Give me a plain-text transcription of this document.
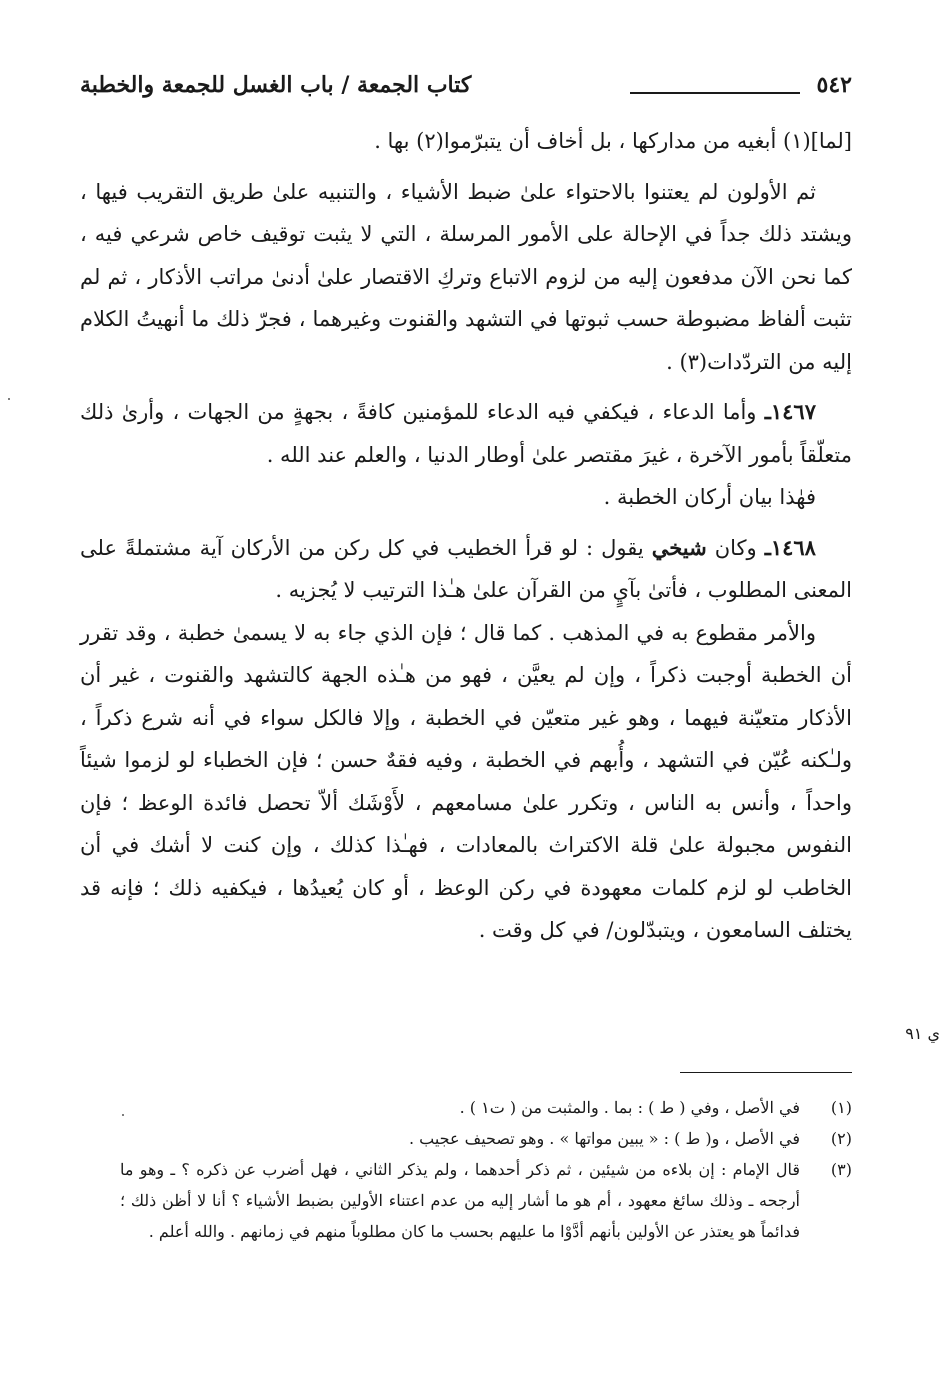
٥٤٢
كتاب الجمعة / باب الغسل للجمعة والخطبة

[لما](١) أبغيه من مداركها ، بل أخاف أن يتبرّموا(٢) بها .

ثم الأولون لم يعتنوا بالاحتواء علىٰ ضبط الأشياء ، والتنبيه علىٰ طريق التقريب فيها ، ويشتد ذلك جداً في الإحالة على الأمور المرسلة ، التي لا يثبت توقيف خاص شرعي فيه ، كما نحن الآن مدفعون إليه من لزوم الاتباع وتركِ الاقتصار علىٰ أدنىٰ مراتب الأذكار ، ثم لم تثبت ألفاظ مضبوطة حسب ثبوتها في التشهد والقنوت وغيرهما ، فجرّ ذلك ما أنهيتُ الكلام إليه من التردّدات(٣) .

١٤٦٧ـ وأما الدعاء ، فيكفي فيه الدعاء للمؤمنين كافةً ، بجهةٍ من الجهات ، وأرىٰ ذلك متعلّقاً بأمور الآخرة ، غيرَ مقتصر علىٰ أوطار الدنيا ، والعلم عند الله .

فهٰذا بيان أركان الخطبة .

١٤٦٨ـ وكان شيخي يقول : لو قرأ الخطيب في كل ركن من الأركان آية مشتملةً على المعنى المطلوب ، فأتىٰ بآيٍ من القرآن علىٰ هـٰذا الترتيب لا يُجزيه .

والأمر مقطوع به في المذهب . كما قال ؛ فإن الذي جاء به لا يسمىٰ خطبة ، وقد تقرر أن الخطبة أوجبت ذكراً ، وإن لم يعيَّن ، فهو من هـٰذه الجهة كالتشهد والقنوت ، غير أن الأذكار متعيّنة فيهما ، وهو غير متعيّن في الخطبة ، وإلا فالكل سواء في أنه شرع ذكراً ، ولـٰكنه عُيّن في التشهد ، وأُبهم في الخطبة ، وفيه فقهٌ حسن ؛ فإن الخطباء لو لزموا شيئاً واحداً ، وأنس به الناس ، وتكرر علىٰ مسامعهم ، لأَوْشَك ألاّ تحصل فائدة الوعظ ؛ فإن النفوس مجبولة علىٰ قلة الاكتراث بالمعادات ، فهـٰذا كذلك ، وإن كنت لا أشك في أن الخاطب لو لزم كلمات معهودة في ركن الوعظ ، أو كان يُعيدُها ، فيكفيه ذلك ؛ فإنه قد يختلف السامعون ، ويتبدّلون/ في كل وقت .

ي ٩١
(١)
في الأصل ، وفي ( ط ) : بما . والمثبت من ( ت١ ) .
(٢)
في الأصل ، و( ط ) : « يبين مواتها » . وهو تصحيف عجيب .
(٣)
قال الإمام : إن بلاءه من شيئين ، ثم ذكر أحدهما ، ولم يذكر الثاني ، فهل أضرب عن ذكره ؟ ـ وهو ما أرجحه ـ وذلك سائغ معهود ، أم هو ما أشار إليه من عدم اعتناء الأولين بضبط الأشياء ؟ أنا لا أظن ذلك ؛ فدائماً هو يعتذر عن الأولين بأنهم أدَّوْا ما عليهم بحسب ما كان مطلوباً منهم في زمانهم . والله أعلم .
